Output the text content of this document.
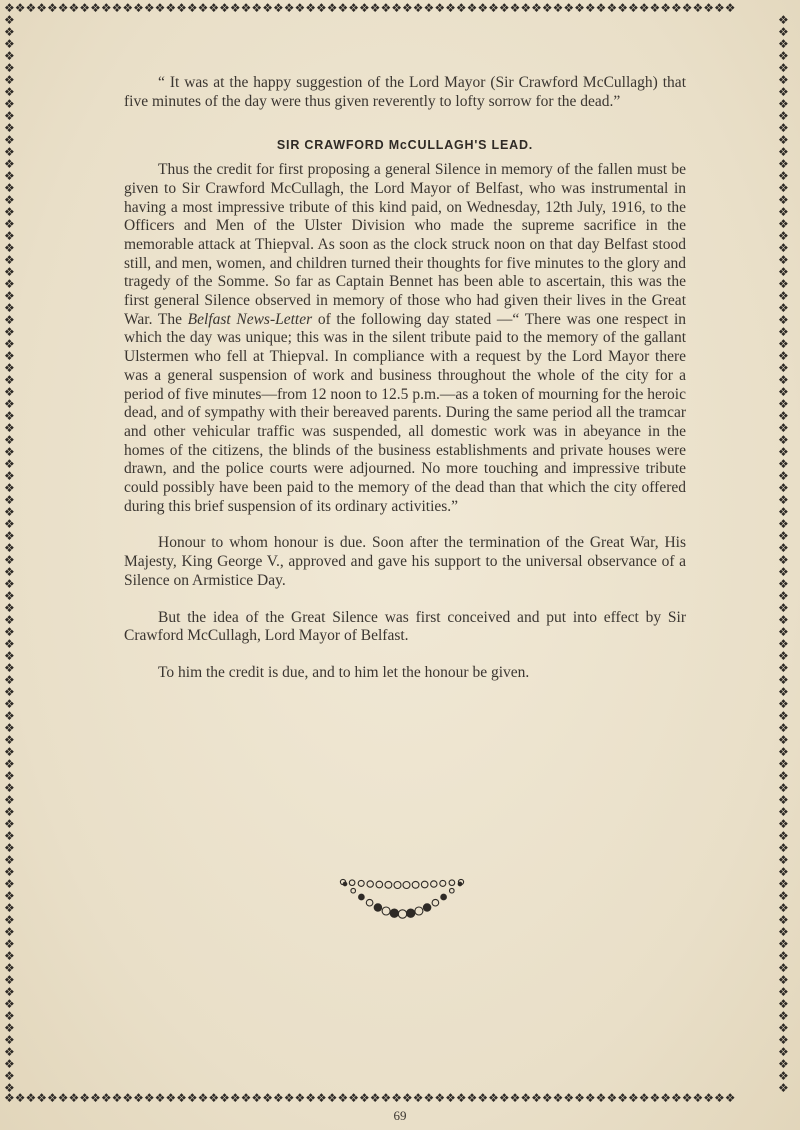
❖❖❖❖❖❖❖❖❖❖❖❖❖❖❖❖❖❖❖❖❖❖❖❖❖❖❖❖❖❖❖❖❖❖❖❖❖❖❖❖❖❖❖❖❖❖❖❖❖❖❖❖❖❖❖❖❖❖❖❖❖❖❖❖❖❖❖❖
❖❖❖❖❖❖❖❖❖❖❖❖❖❖❖❖❖❖❖❖❖❖❖❖❖❖❖❖❖❖❖❖❖❖❖❖❖❖❖❖❖❖❖❖❖❖❖❖❖❖❖❖❖❖❖❖❖❖❖❖❖❖❖❖❖❖❖❖
❖❖❖❖❖❖❖❖❖❖❖❖❖❖❖❖❖❖❖❖❖❖❖❖❖❖❖❖❖❖❖❖❖❖❖❖❖❖❖❖❖❖❖❖❖❖❖❖❖❖❖❖❖❖❖❖❖❖❖❖❖❖❖❖❖❖❖❖❖❖❖❖❖❖❖❖❖❖❖❖❖❖❖❖❖❖❖❖❖❖
❖❖❖❖❖❖❖❖❖❖❖❖❖❖❖❖❖❖❖❖❖❖❖❖❖❖❖❖❖❖❖❖❖❖❖❖❖❖❖❖❖❖❖❖❖❖❖❖❖❖❖❖❖❖❖❖❖❖❖❖❖❖❖❖❖❖❖❖❖❖❖❖❖❖❖❖❖❖❖❖❖❖❖❖❖❖❖❖❖❖

“ It was at the happy suggestion of the Lord Mayor (Sir Crawford McCullagh) that five minutes of the day were thus given reverently to lofty sorrow for the dead.”

SIR CRAWFORD McCULLAGH'S LEAD.

Thus the credit for first proposing a general Silence in memory of the fallen must be given to Sir Crawford McCullagh, the Lord Mayor of Belfast, who was instrumental in having a most impressive tribute of this kind paid, on Wednesday, 12th July, 1916, to the Officers and Men of the Ulster Division who made the supreme sacrifice in the memorable attack at Thiepval. As soon as the clock struck noon on that day Belfast stood still, and men, women, and children turned their thoughts for five minutes to the glory and tragedy of the Somme. So far as Captain Bennet has been able to ascertain, this was the first general Silence observed in memory of those who had given their lives in the Great War. The Belfast News-Letter of the following day stated —“ There was one respect in which the day was unique; this was in the silent tribute paid to the memory of the gallant Ulstermen who fell at Thiepval. In compliance with a request by the Lord Mayor there was a general suspension of work and business throughout the whole of the city for a period of five minutes—from 12 noon to 12.5 p.m.—as a token of mourning for the heroic dead, and of sympathy with their bereaved parents. During the same period all the tramcar and other vehicular traffic was suspended, all domestic work was in abeyance in the homes of the citizens, the blinds of the business establishments and private houses were drawn, and the police courts were adjourned. No more touching and impressive tribute could possibly have been paid to the memory of the dead than that which the city offered during this brief suspension of its ordinary activities.”

Honour to whom honour is due. Soon after the termination of the Great War, His Majesty, King George V., approved and gave his support to the universal observance of a Silence on Armistice Day.

But the idea of the Great Silence was first conceived and put into effect by Sir Crawford McCullagh, Lord Mayor of Belfast.

To him the credit is due, and to him let the honour be given.

69
